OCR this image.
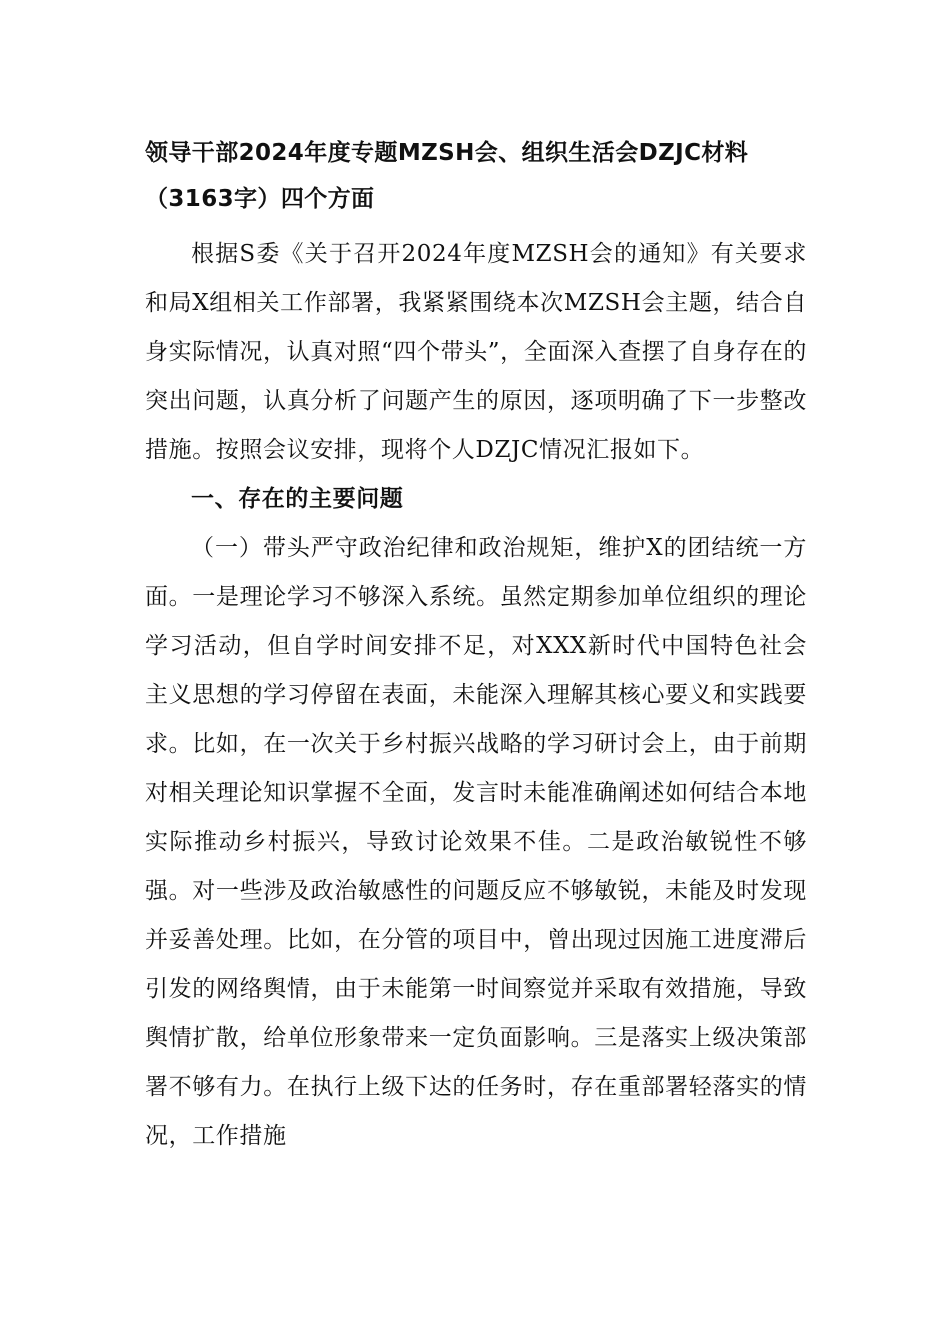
领导干部2024年度专题MZSH会、组织生活会DZJC材料（3163字）四个方面

根据S委《关于召开2024年度MZSH会的通知》有关要求和局X组相关工作部署，我紧紧围绕本次MZSH会主题，结合自身实际情况，认真对照“四个带头”，全面深入查摆了自身存在的突出问题，认真分析了问题产生的原因，逐项明确了下一步整改措施。按照会议安排，现将个人DZJC情况汇报如下。

一、存在的主要问题

（一）带头严守政治纪律和政治规矩，维护X的团结统一方面。一是理论学习不够深入系统。虽然定期参加单位组织的理论学习活动，但自学时间安排不足，对XXX新时代中国特色社会主义思想的学习停留在表面，未能深入理解其核心要义和实践要求。比如，在一次关于乡村振兴战略的学习研讨会上，由于前期对相关理论知识掌握不全面，发言时未能准确阐述如何结合本地实际推动乡村振兴，导致讨论效果不佳。二是政治敏锐性不够强。对一些涉及政治敏感性的问题反应不够敏锐，未能及时发现并妥善处理。比如，在分管的项目中，曾出现过因施工进度滞后引发的网络舆情，由于未能第一时间察觉并采取有效措施，导致舆情扩散，给单位形象带来一定负面影响。三是落实上级决策部署不够有力。在执行上级下达的任务时，存在重部署轻落实的情况，工作措施
